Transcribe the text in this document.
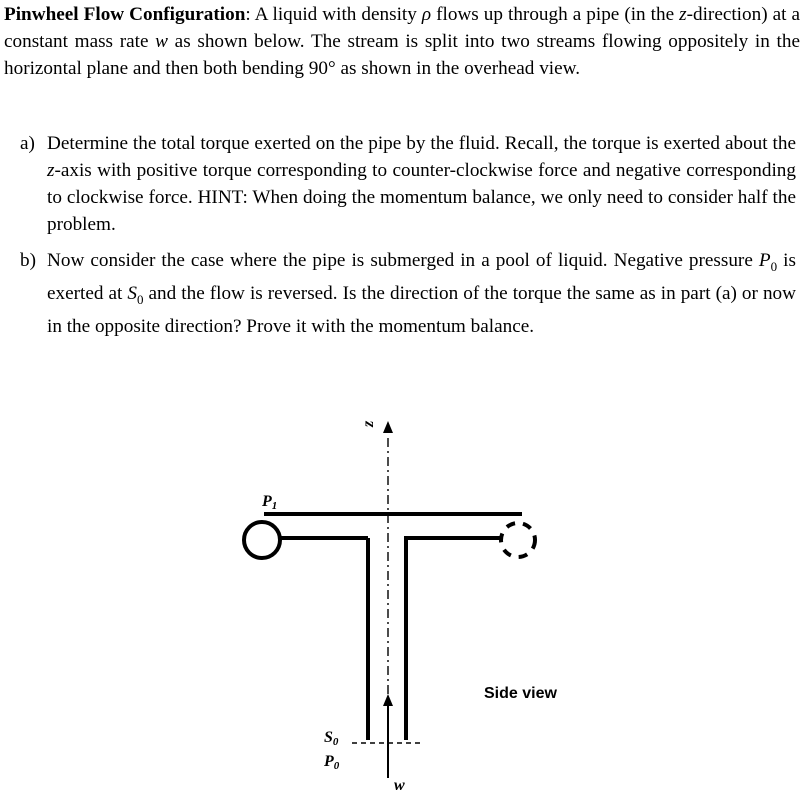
Pinwheel Flow Configuration: A liquid with density ρ flows up through a pipe (in the z-direction) at a constant mass rate w as shown below. The stream is split into two streams flowing oppositely in the horizontal plane and then both bending 90° as shown in the overhead view.

a) Determine the total torque exerted on the pipe by the fluid. Recall, the torque is exerted about the z-axis with positive torque corresponding to counter-clockwise force and negative corresponding to clockwise force. HINT: When doing the momentum balance, we only need to consider half the problem.
b) Now consider the case where the pipe is submerged in a pool of liquid. Negative pressure $P_0$ is exerted at $S_0$ and the flow is reversed. Is the direction of the torque the same as in part (a) or now in the opposite direction? Prove it with the momentum balance.
z
P1
S0
P0
w
Side view
